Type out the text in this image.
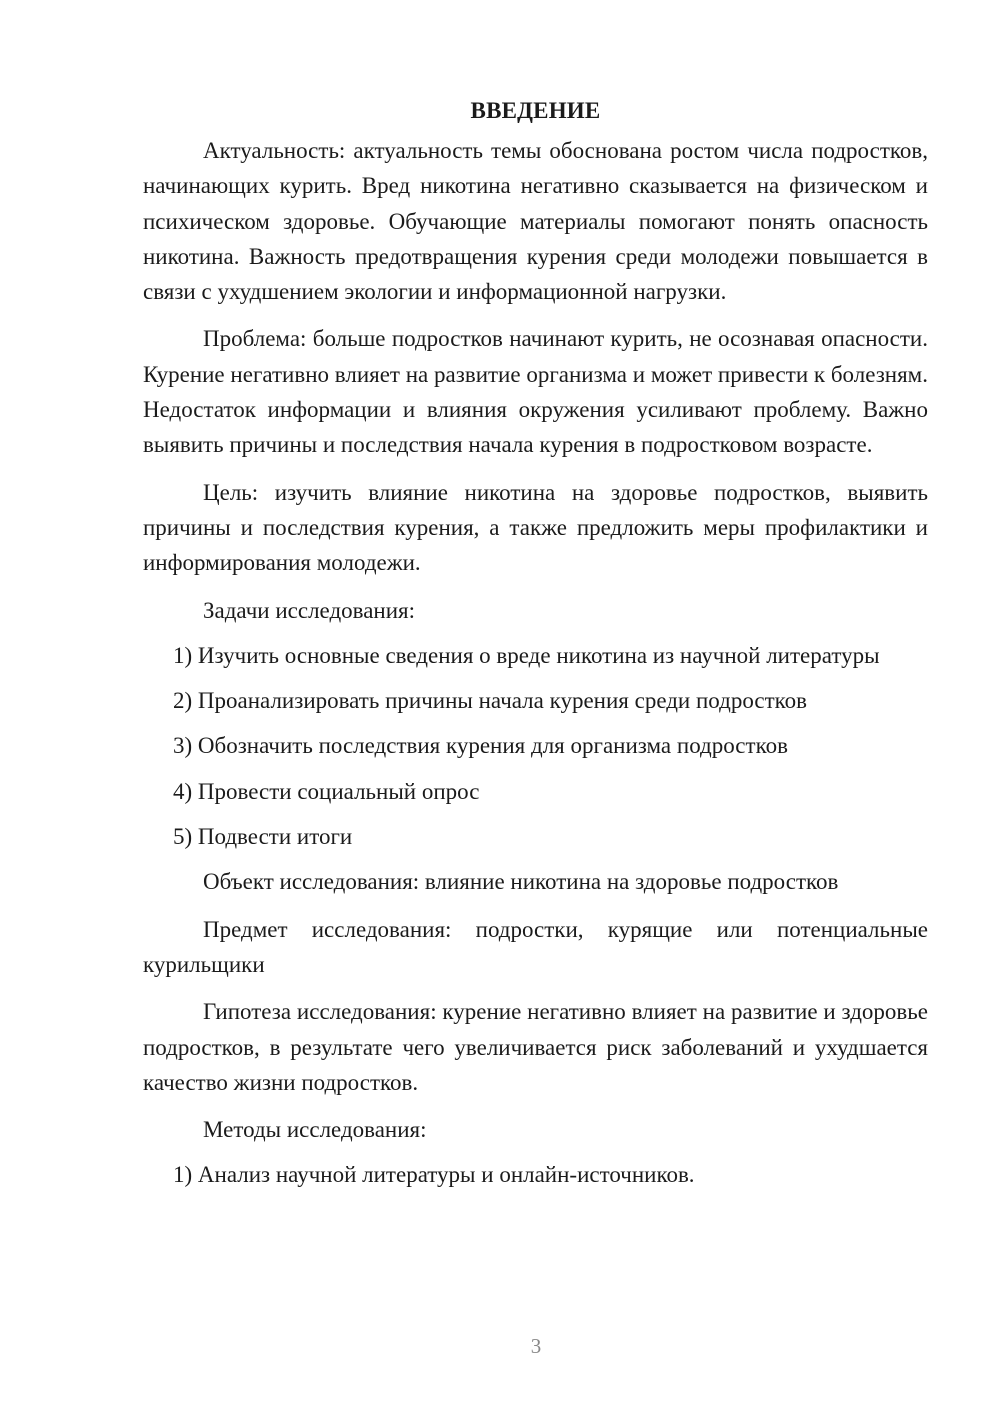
ВВЕДЕНИЕ

Актуальность: актуальность темы обоснована ростом числа подростков, начинающих курить. Вред никотина негативно сказывается на физическом и психическом здоровье. Обучающие материалы помогают понять опасность никотина. Важность предотвращения курения среди молодежи повышается в связи с ухудшением экологии и информационной нагрузки.

Проблема: больше подростков начинают курить, не осознавая опасности. Курение негативно влияет на развитие организма и может привести к болезням. Недостаток информации и влияния окружения усиливают проблему. Важно выявить причины и последствия начала курения в подростковом возрасте.

Цель: изучить влияние никотина на здоровье подростков, выявить причины и последствия курения, а также предложить меры профилактики и информирования молодежи.

Задачи исследования:

1) Изучить основные сведения о вреде никотина из научной литературы

2) Проанализировать причины начала курения среди подростков

3) Обозначить последствия курения для организма подростков

4) Провести социальный опрос

5) Подвести итоги

Объект исследования: влияние никотина на здоровье подростков

Предмет исследования: подростки, курящие или потенциальные курильщики

Гипотеза исследования: курение негативно влияет на развитие и здоровье подростков, в результате чего увеличивается риск заболеваний и ухудшается качество жизни подростков.

Методы исследования:

1) Анализ научной литературы и онлайн-источников.

3
